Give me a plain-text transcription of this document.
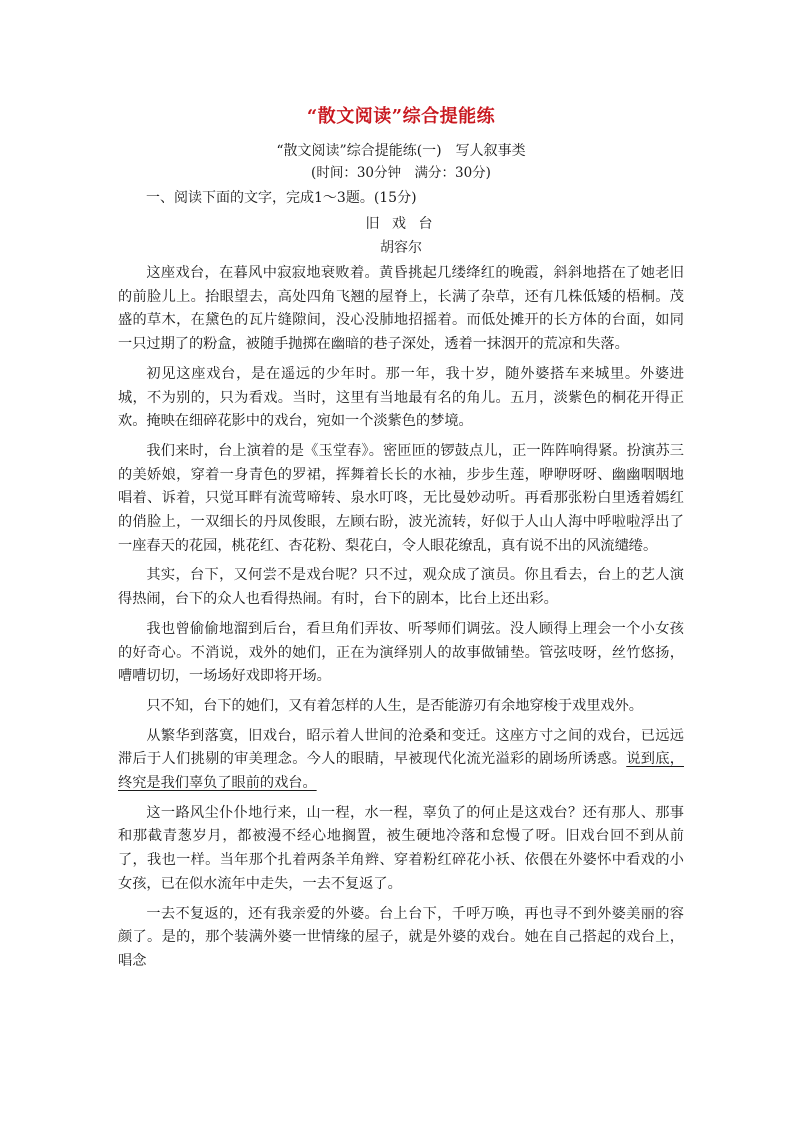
“散文阅读”综合提能练
“散文阅读”综合提能练(一)　写人叙事类
(时间：30分钟　满分：30分)
一、阅读下面的文字，完成1～3题。(15分)
旧 戏 台
胡容尔

这座戏台，在暮风中寂寂地衰败着。黄昏挑起几缕绛红的晚霞，斜斜地搭在了她老旧的前脸儿上。抬眼望去，高处四角飞翘的屋脊上，长满了杂草，还有几株低矮的梧桐。茂盛的草木，在黛色的瓦片缝隙间，没心没肺地招摇着。而低处摊开的长方体的台面，如同一只过期了的粉盒，被随手抛掷在幽暗的巷子深处，透着一抹洇开的荒凉和失落。

初见这座戏台，是在遥远的少年时。那一年，我十岁，随外婆搭车来城里。外婆进城，不为别的，只为看戏。当时，这里有当地最有名的角儿。五月，淡紫色的桐花开得正欢。掩映在细碎花影中的戏台，宛如一个淡紫色的梦境。

我们来时，台上演着的是《玉堂春》。密匝匝的锣鼓点儿，正一阵阵响得紧。扮演苏三的美娇娘，穿着一身青色的罗裙，挥舞着长长的水袖，步步生莲，咿咿呀呀、幽幽咽咽地唱着、诉着，只觉耳畔有流莺啼转、泉水叮咚，无比曼妙动听。再看那张粉白里透着嫣红的俏脸上，一双细长的丹凤俊眼，左顾右盼，波光流转，好似于人山人海中呼啦啦浮出了一座春天的花园，桃花红、杏花粉、梨花白，令人眼花缭乱，真有说不出的风流缱绻。

其实，台下，又何尝不是戏台呢？只不过，观众成了演员。你且看去，台上的艺人演得热闹，台下的众人也看得热闹。有时，台下的剧本，比台上还出彩。

我也曾偷偷地溜到后台，看旦角们弄妆、听琴师们调弦。没人顾得上理会一个小女孩的好奇心。不消说，戏外的她们，正在为演绎别人的故事做铺垫。管弦吱呀，丝竹悠扬，嘈嘈切切，一场场好戏即将开场。

只不知，台下的她们，又有着怎样的人生，是否能游刃有余地穿梭于戏里戏外。

从繁华到落寞，旧戏台，昭示着人世间的沧桑和变迁。这座方寸之间的戏台，已远远滞后于人们挑剔的审美理念。今人的眼睛，早被现代化流光溢彩的剧场所诱惑。说到底，终究是我们辜负了眼前的戏台。

这一路风尘仆仆地行来，山一程，水一程，辜负了的何止是这戏台？还有那人、那事和那截青葱岁月，都被漫不经心地搁置，被生硬地冷落和怠慢了呀。旧戏台回不到从前了，我也一样。当年那个扎着两条羊角辫、穿着粉红碎花小袄、依偎在外婆怀中看戏的小女孩，已在似水流年中走失，一去不复返了。

一去不复返的，还有我亲爱的外婆。台上台下，千呼万唤，再也寻不到外婆美丽的容颜了。是的，那个装满外婆一世情缘的屋子，就是外婆的戏台。她在自己搭起的戏台上，唱念
